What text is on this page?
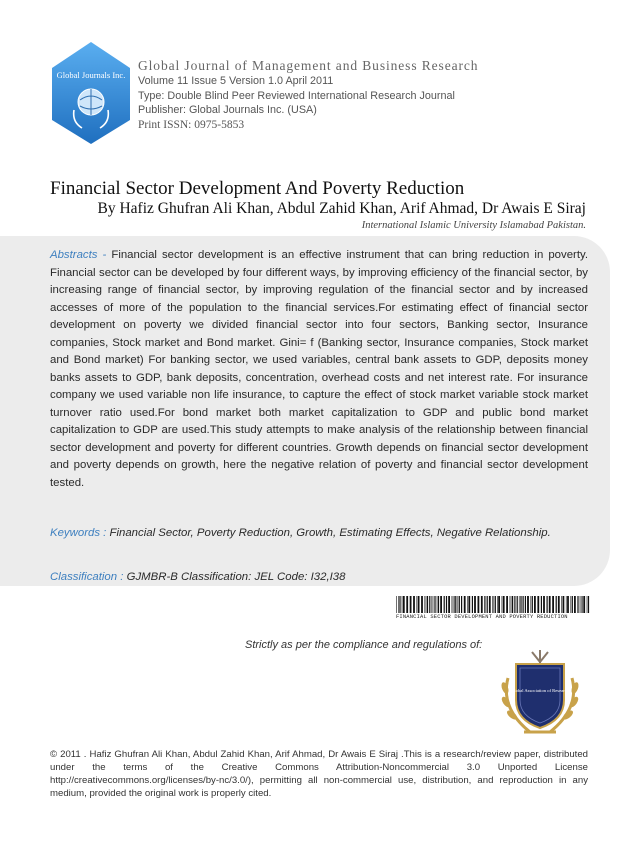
Global Journals Inc.
Global Journal of Management and Business Research
Volume 11 Issue 5 Version 1.0 April 2011
Type: Double Blind Peer Reviewed International Research Journal
Publisher: Global Journals Inc. (USA)
Print ISSN: 0975-5853
Financial Sector Development And Poverty Reduction
By Hafiz Ghufran Ali Khan, Abdul Zahid Khan, Arif Ahmad, Dr Awais E Siraj
International Islamic University Islamabad Pakistan.
Abstracts - Financial sector development is an effective instrument that can bring reduction in poverty. Financial sector can be developed by four different ways, by improving efficiency of the financial sector, by increasing range of financial sector, by improving regulation of the financial sector and by increased accesses of more of the population to the financial services.For estimating effect of financial sector development on poverty we divided financial sector into four sectors, Banking sector, Insurance companies, Stock market and Bond market. Gini= f (Banking sector, Insurance companies, Stock market and Bond market) For banking sector, we used variables, central bank assets to GDP, deposits money banks assets to GDP, bank deposits, concentration, overhead costs and net interest rate. For insurance company we used variable non life insurance, to capture the effect of stock market variable stock market turnover ratio used.For bond market both market capitalization to GDP and public bond market capitalization to GDP are used.This study attempts to make analysis of the relationship between financial sector development and poverty for different countries. Growth depends on financial sector development and poverty depends on growth, here the negative relation of poverty and financial sector development tested.
Keywords : Financial Sector, Poverty Reduction, Growth, Estimating Effects, Negative Relationship.
Classification : GJMBR-B Classification: JEL Code: I32,I38
FINANCIAL SECTOR DEVELOPMENT AND POVERTY REDUCTION
Strictly as per the compliance and regulations of:
Global Association of Research
© 2011 . Hafiz Ghufran Ali Khan, Abdul Zahid Khan, Arif Ahmad, Dr Awais E Siraj .This is a research/review paper, distributed under the terms of the Creative Commons Attribution-Noncommercial 3.0 Unported License http://creativecommons.org/licenses/by-nc/3.0/), permitting all non-commercial use, distribution, and reproduction in any medium, provided the original work is properly cited.
